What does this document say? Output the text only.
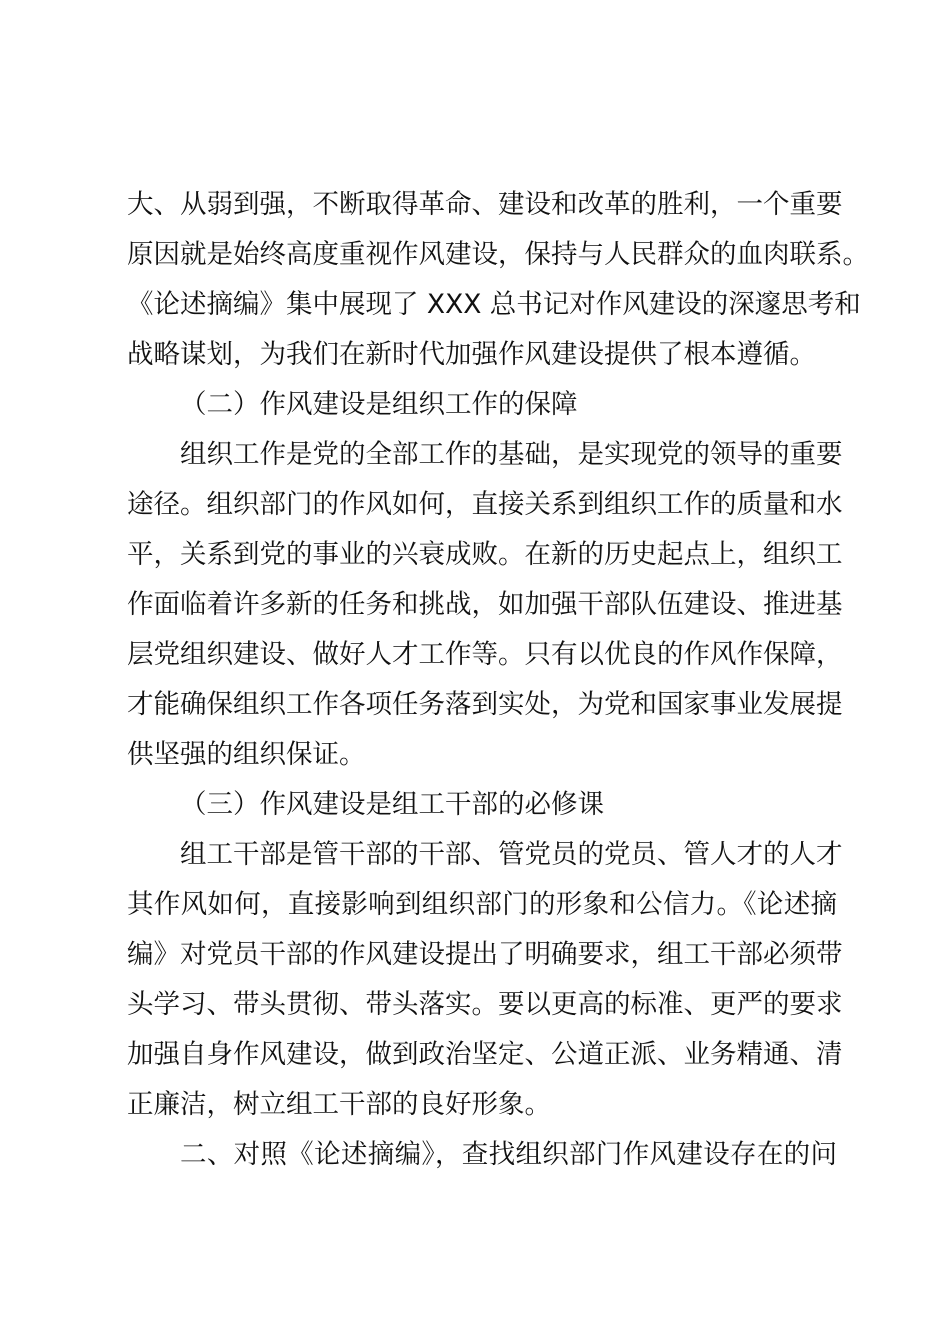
大、从弱到强，不断取得革命、建设和改革的胜利，一个重要
原因就是始终高度重视作风建设，保持与人民群众的血肉联系。
《论述摘编》集中展现了 XXX 总书记对作风建设的深邃思考和
战略谋划，为我们在新时代加强作风建设提供了根本遵循。
（二）作风建设是组织工作的保障
组织工作是党的全部工作的基础，是实现党的领导的重要
途径。组织部门的作风如何，直接关系到组织工作的质量和水
平，关系到党的事业的兴衰成败。在新的历史起点上，组织工
作面临着许多新的任务和挑战，如加强干部队伍建设、推进基
层党组织建设、做好人才工作等。只有以优良的作风作保障，
才能确保组织工作各项任务落到实处，为党和国家事业发展提
供坚强的组织保证。
（三）作风建设是组工干部的必修课
组工干部是管干部的干部、管党员的党员、管人才的人才
其作风如何，直接影响到组织部门的形象和公信力。《论述摘
编》对党员干部的作风建设提出了明确要求，组工干部必须带
头学习、带头贯彻、带头落实。要以更高的标准、更严的要求
加强自身作风建设，做到政治坚定、公道正派、业务精通、清
正廉洁，树立组工干部的良好形象。
二、对照《论述摘编》，查找组织部门作风建设存在的问
